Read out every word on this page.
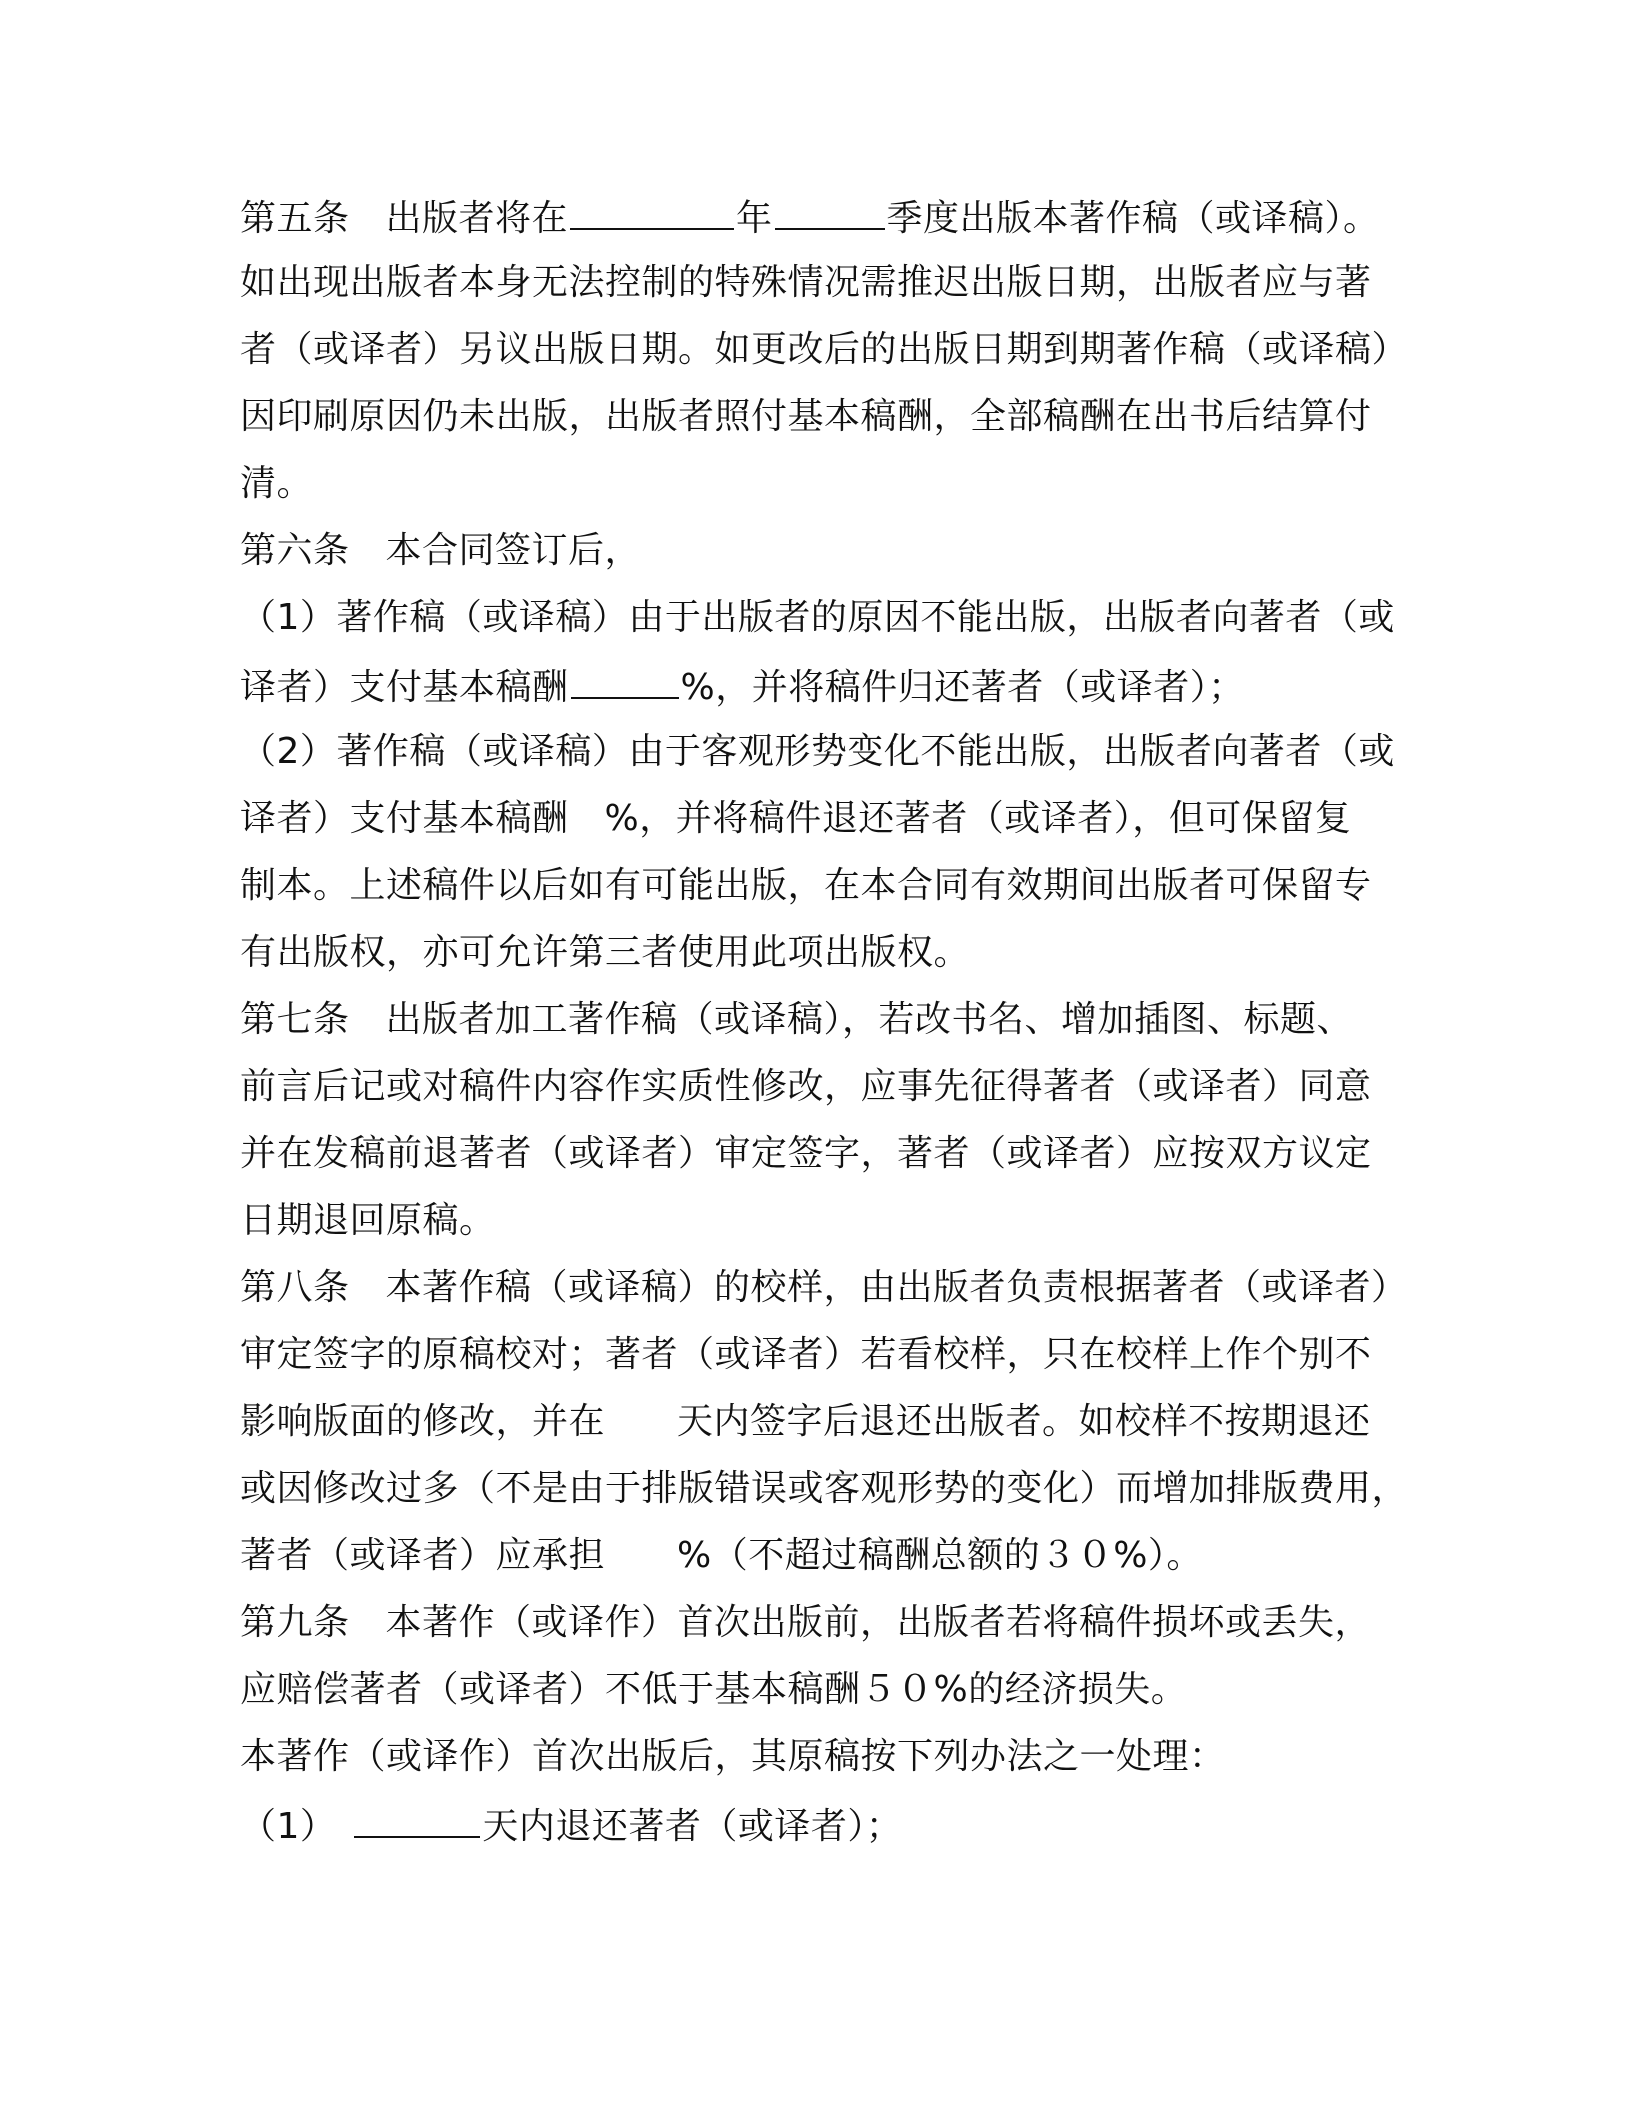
第五条 出版者将在	年	季度出版本著作稿（或译稿）。
如出现出版者本身无法控制的特殊情况需推迟出版日期，出版者应与著
者（或译者）另议出版日期。如更改后的出版日期到期著作稿（或译稿）
因印刷原因仍未出版，出版者照付基本稿酬，全部稿酬在出书后结算付
清。
第六条 本合同签订后，
（1）著作稿（或译稿）由于出版者的原因不能出版，出版者向著者（或
译者）支付基本稿酬	%，并将稿件归还著者（或译者）；
（2）著作稿（或译稿）由于客观形势变化不能出版，出版者向著者（或
译者）支付基本稿酬 %，并将稿件退还著者（或译者），但可保留复
制本。上述稿件以后如有可能出版，在本合同有效期间出版者可保留专
有出版权，亦可允许第三者使用此项出版权。
第七条 出版者加工著作稿（或译稿），若改书名、增加插图、标题、
前言后记或对稿件内容作实质性修改，应事先征得著者（或译者）同意
并在发稿前退著者（或译者）审定签字，著者（或译者）应按双方议定
日期退回原稿。
第八条 本著作稿（或译稿）的校样，由出版者负责根据著者（或译者）
审定签字的原稿校对；著者（或译者）若看校样，只在校样上作个别不
影响版面的修改，并在 天内签字后退还出版者。如校样不按期退还
或因修改过多（不是由于排版错误或客观形势的变化）而增加排版费用，
著者（或译者）应承担 %（不超过稿酬总额的３０%）。
第九条 本著作（或译作）首次出版前，出版者若将稿件损坏或丢失，
应赔偿著者（或译者）不低于基本稿酬５０%的经济损失。
本著作（或译作）首次出版后，其原稿按下列办法之一处理：
（1）	天内退还著者（或译者）；
